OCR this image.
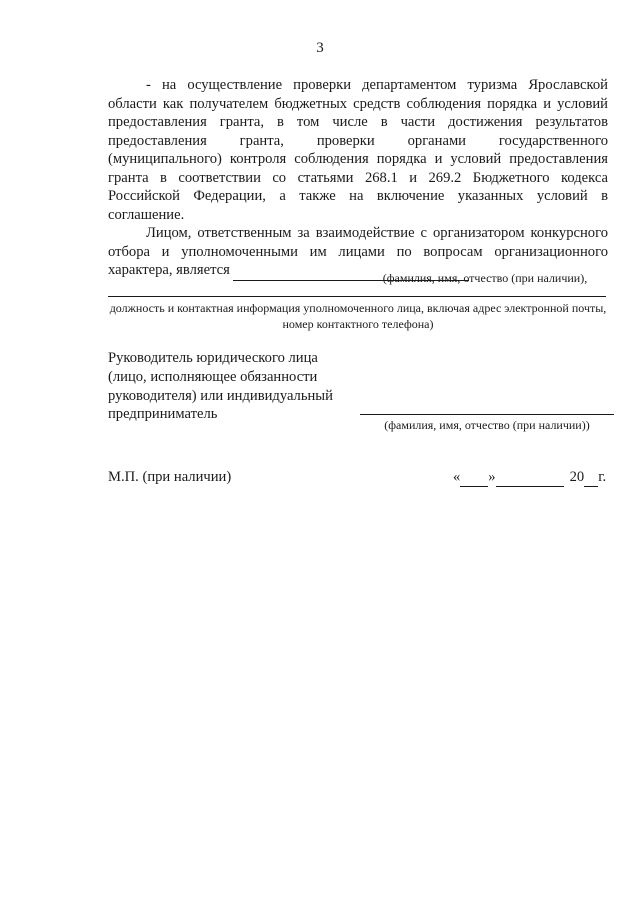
3

- на осуществление проверки департаментом туризма Ярославской области как получателем бюджетных средств соблюдения порядка и условий предоставления гранта, в том числе в части достижения результатов предоставления гранта, проверки органами государственного (муниципального) контроля соблюдения порядка и условий предоставления гранта в соответствии со статьями 268.1 и 269.2 Бюджетного кодекса Российской Федерации, а также на включение указанных условий в соглашение.

Лицом, ответственным за взаимодействие с организатором конкурсного отбора и уполномоченными им лицами по вопросам организационного характера, является	(фамилия, имя, отчество (при наличии),
должность и контактная информация уполномоченного лица, включая адрес электронной почты, номер контактного телефона)
Руководитель юридического лица
(лицо, исполняющее обязанности
руководителя) или индивидуальный
предприниматель
(фамилия, имя, отчество (при наличии))
М.П. (при наличии)	« »	20 г.
